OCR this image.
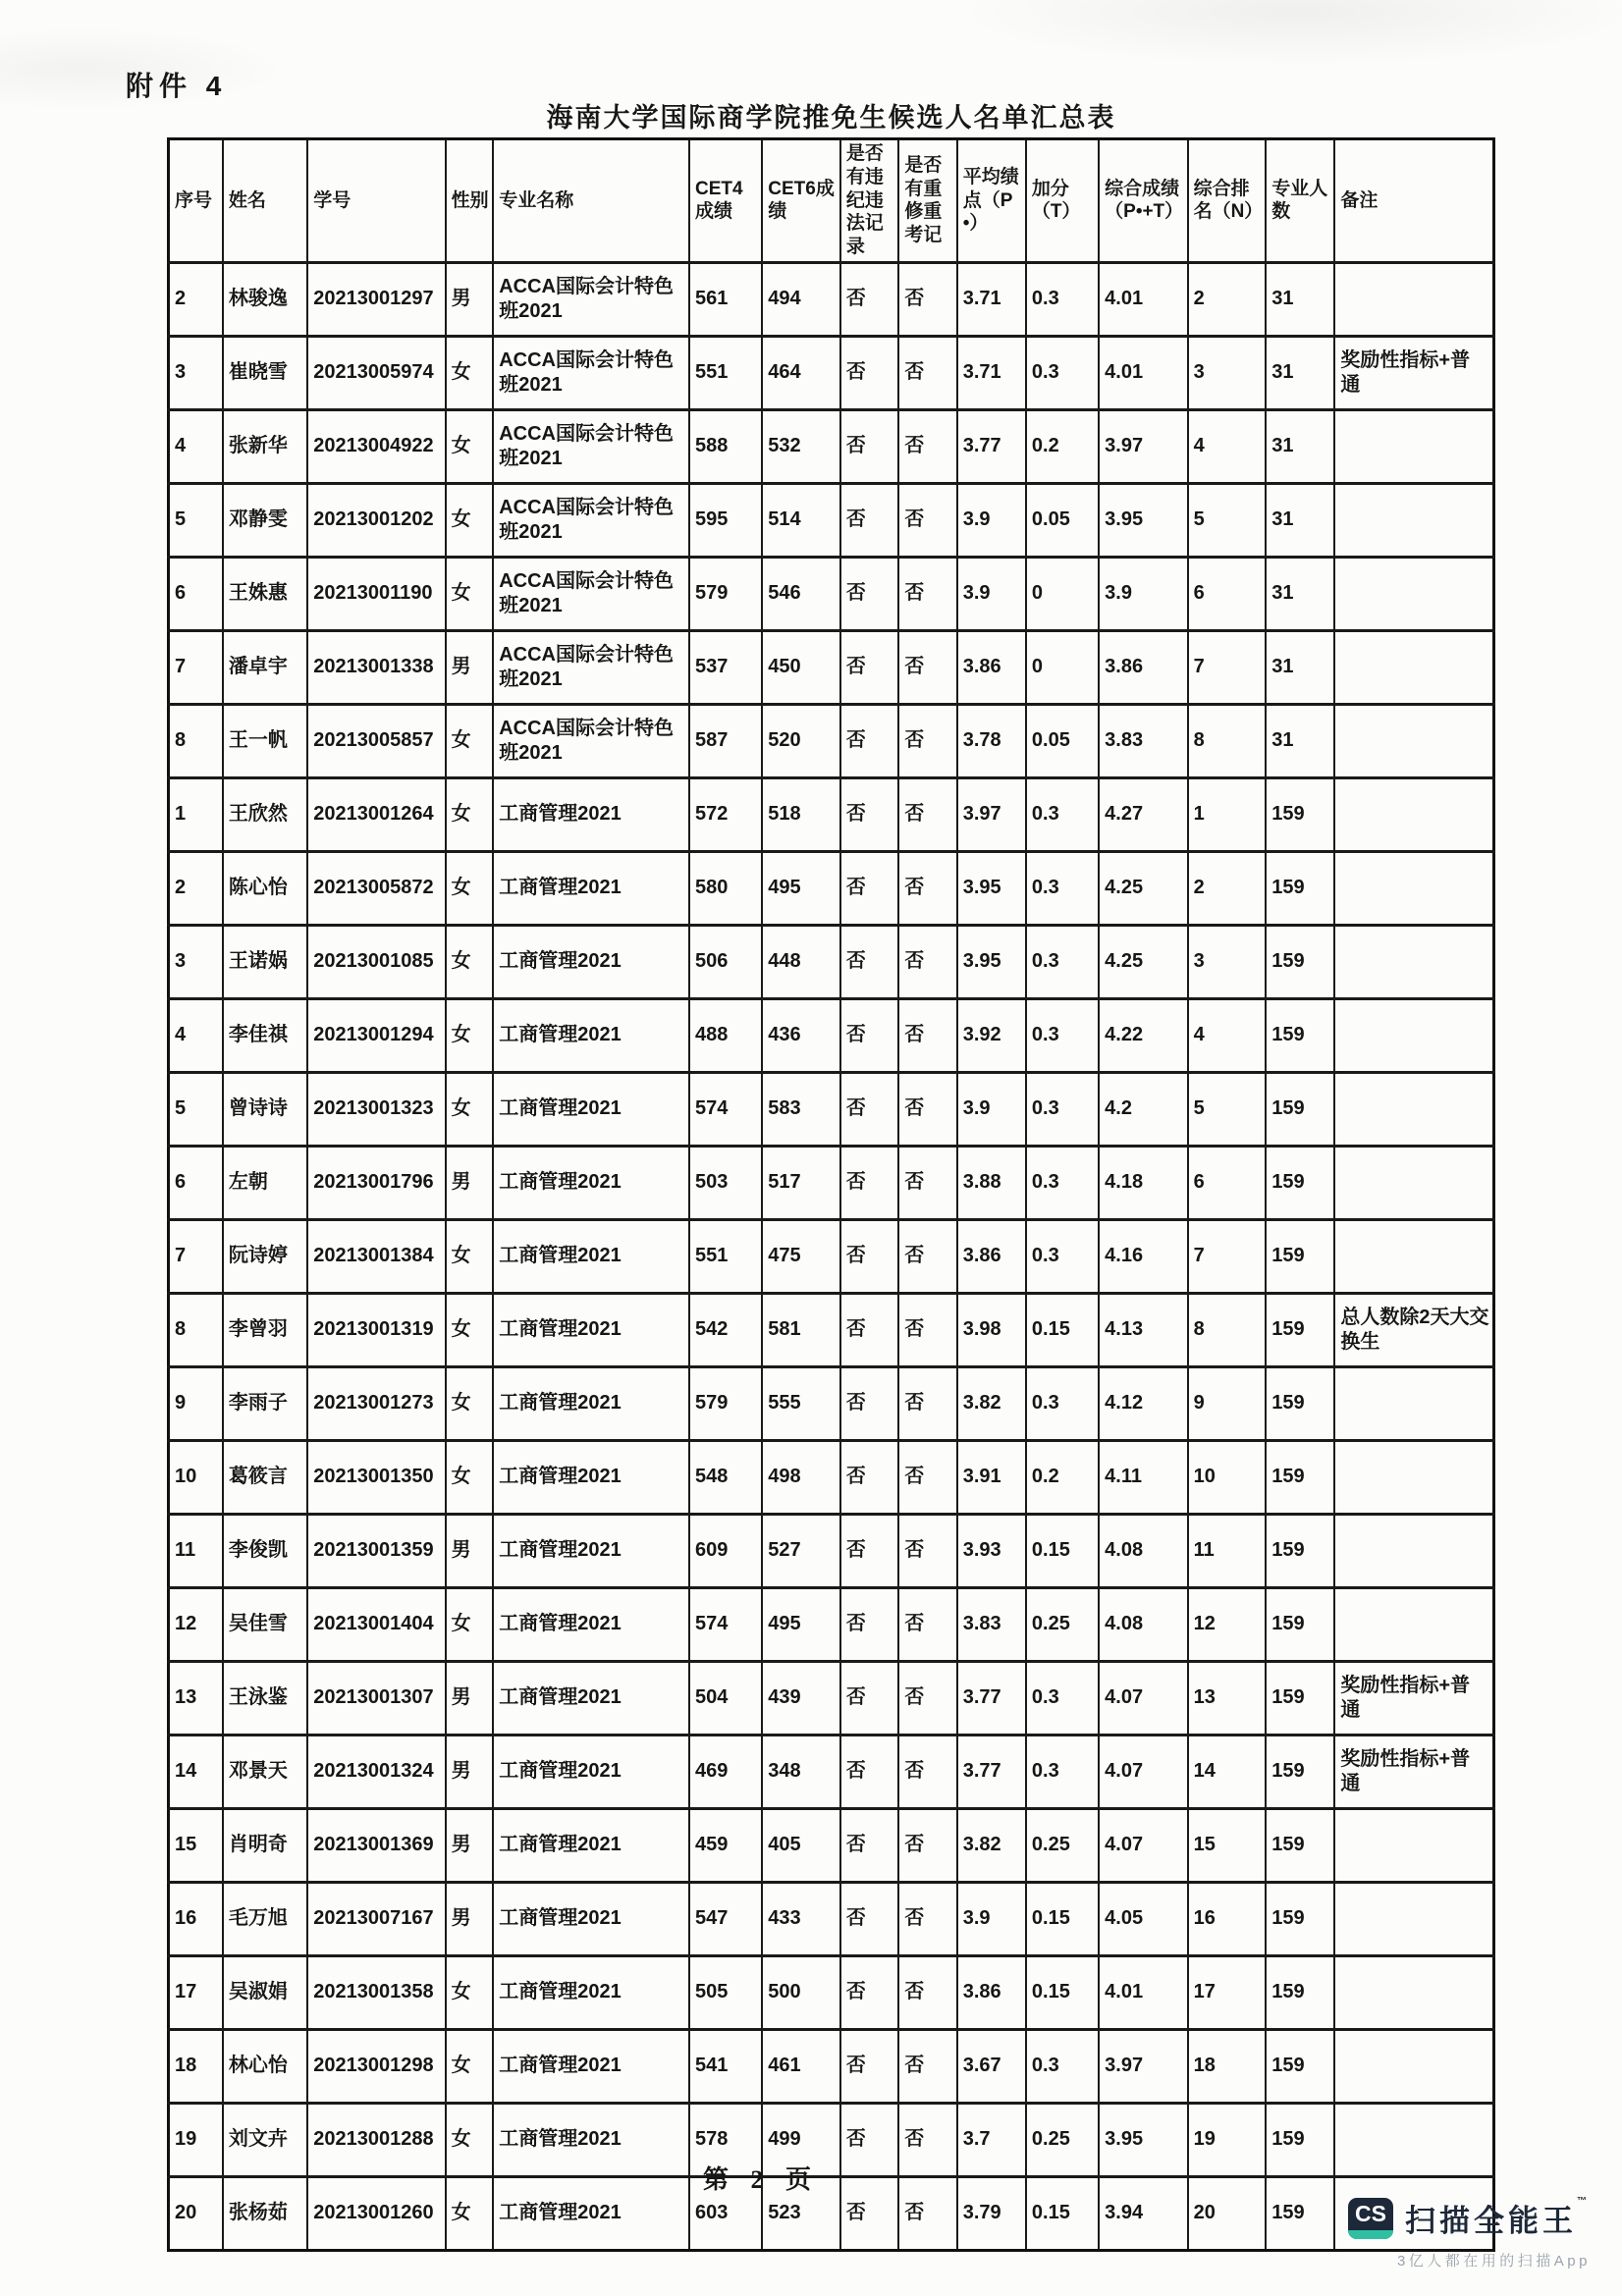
附件 4
海南大学国际商学院推免生候选人名单汇总表
序号	姓名	学号	性别	专业名称	CET4成绩	CET6成绩	是否有违纪违法记录	是否有重修重考记	平均绩点（P•）	加分（T）	综合成绩（P•+T）	综合排名（N）	专业人数	备注
2	林骏逸	20213001297	男	ACCA国际会计特色班2021	561	494	否	否	3.71	0.3	4.01	2	31	
3	崔晓雪	20213005974	女	ACCA国际会计特色班2021	551	464	否	否	3.71	0.3	4.01	3	31	奖励性指标+普通
4	张新华	20213004922	女	ACCA国际会计特色班2021	588	532	否	否	3.77	0.2	3.97	4	31	
5	邓静雯	20213001202	女	ACCA国际会计特色班2021	595	514	否	否	3.9	0.05	3.95	5	31	
6	王姝惠	20213001190	女	ACCA国际会计特色班2021	579	546	否	否	3.9	0	3.9	6	31	
7	潘卓宇	20213001338	男	ACCA国际会计特色班2021	537	450	否	否	3.86	0	3.86	7	31	
8	王一帆	20213005857	女	ACCA国际会计特色班2021	587	520	否	否	3.78	0.05	3.83	8	31	
1	王欣然	20213001264	女	工商管理2021	572	518	否	否	3.97	0.3	4.27	1	159	
2	陈心怡	20213005872	女	工商管理2021	580	495	否	否	3.95	0.3	4.25	2	159	
3	王诺娲	20213001085	女	工商管理2021	506	448	否	否	3.95	0.3	4.25	3	159	
4	李佳祺	20213001294	女	工商管理2021	488	436	否	否	3.92	0.3	4.22	4	159	
5	曾诗诗	20213001323	女	工商管理2021	574	583	否	否	3.9	0.3	4.2	5	159	
6	左朝	20213001796	男	工商管理2021	503	517	否	否	3.88	0.3	4.18	6	159	
7	阮诗婷	20213001384	女	工商管理2021	551	475	否	否	3.86	0.3	4.16	7	159	
8	李曾羽	20213001319	女	工商管理2021	542	581	否	否	3.98	0.15	4.13	8	159	总人数除2天大交换生
9	李雨子	20213001273	女	工商管理2021	579	555	否	否	3.82	0.3	4.12	9	159	
10	葛筱言	20213001350	女	工商管理2021	548	498	否	否	3.91	0.2	4.11	10	159	
11	李俊凯	20213001359	男	工商管理2021	609	527	否	否	3.93	0.15	4.08	11	159	
12	吴佳雪	20213001404	女	工商管理2021	574	495	否	否	3.83	0.25	4.08	12	159	
13	王泳鉴	20213001307	男	工商管理2021	504	439	否	否	3.77	0.3	4.07	13	159	奖励性指标+普通
14	邓景天	20213001324	男	工商管理2021	469	348	否	否	3.77	0.3	4.07	14	159	奖励性指标+普通
15	肖明奇	20213001369	男	工商管理2021	459	405	否	否	3.82	0.25	4.07	15	159	
16	毛万旭	20213007167	男	工商管理2021	547	433	否	否	3.9	0.15	4.05	16	159	
17	吴淑娟	20213001358	女	工商管理2021	505	500	否	否	3.86	0.15	4.01	17	159	
18	林心怡	20213001298	女	工商管理2021	541	461	否	否	3.67	0.3	3.97	18	159	
19	刘文卉	20213001288	女	工商管理2021	578	499	否	否	3.7	0.25	3.95	19	159	
20	张杨茹	20213001260	女	工商管理2021	603	523	否	否	3.79	0.15	3.94	20	159	
第 2 页
CS 扫描全能王™
3亿人都在用的扫描App
